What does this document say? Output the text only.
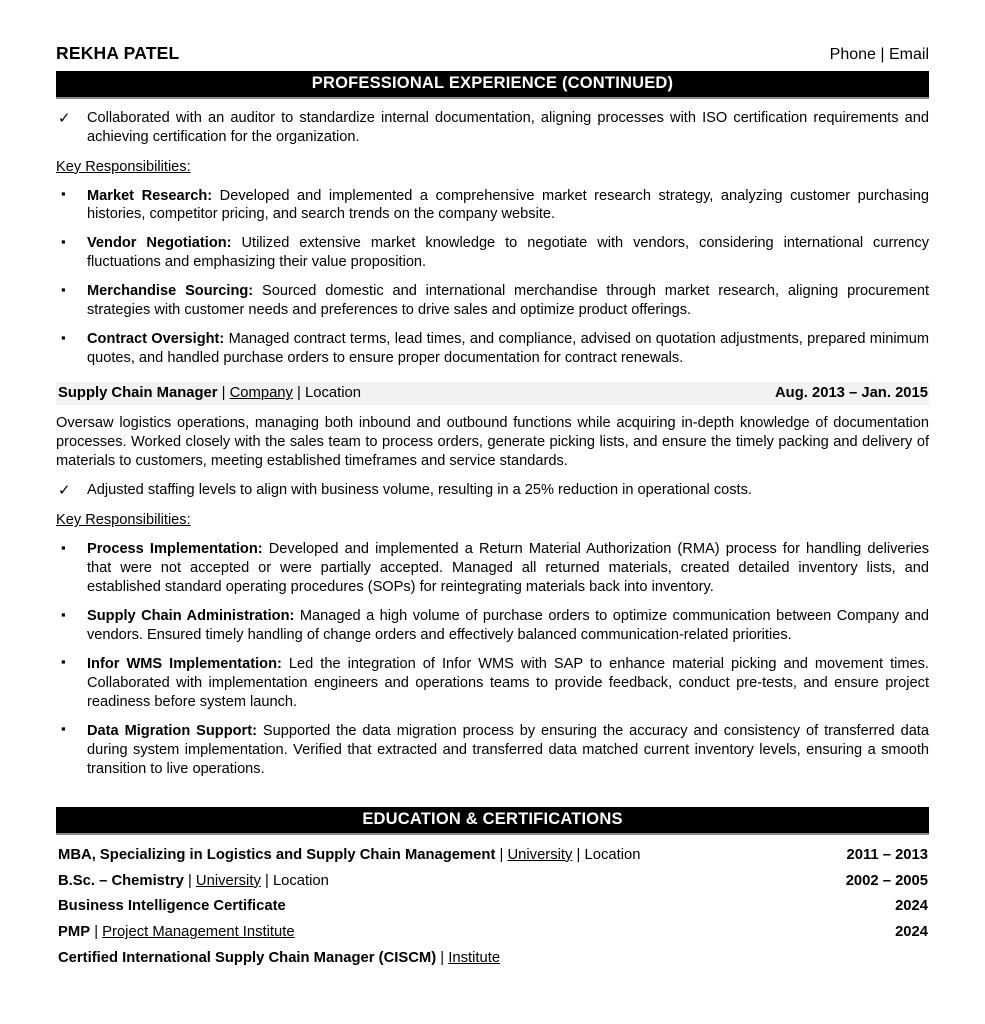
REKHA PATEL	Phone | Email
PROFESSIONAL EXPERIENCE (CONTINUED)
✓ Collaborated with an auditor to standardize internal documentation, aligning processes with ISO certification requirements and achieving certification for the organization.
Key Responsibilities:
▪ Market Research: Developed and implemented a comprehensive market research strategy, analyzing customer purchasing histories, competitor pricing, and search trends on the company website.
▪ Vendor Negotiation: Utilized extensive market knowledge to negotiate with vendors, considering international currency fluctuations and emphasizing their value proposition.
▪ Merchandise Sourcing: Sourced domestic and international merchandise through market research, aligning procurement strategies with customer needs and preferences to drive sales and optimize product offerings.
▪ Contract Oversight: Managed contract terms, lead times, and compliance, advised on quotation adjustments, prepared minimum quotes, and handled purchase orders to ensure proper documentation for contract renewals.
Supply Chain Manager | Company | Location	Aug. 2013 – Jan. 2015
Oversaw logistics operations, managing both inbound and outbound functions while acquiring in-depth knowledge of documentation processes. Worked closely with the sales team to process orders, generate picking lists, and ensure the timely packing and delivery of materials to customers, meeting established timeframes and service standards.
✓ Adjusted staffing levels to align with business volume, resulting in a 25% reduction in operational costs.
Key Responsibilities:
▪ Process Implementation: Developed and implemented a Return Material Authorization (RMA) process for handling deliveries that were not accepted or were partially accepted. Managed all returned materials, created detailed inventory lists, and established standard operating procedures (SOPs) for reintegrating materials back into inventory.
▪ Supply Chain Administration: Managed a high volume of purchase orders to optimize communication between Company and vendors. Ensured timely handling of change orders and effectively balanced communication-related priorities.
▪ Infor WMS Implementation: Led the integration of Infor WMS with SAP to enhance material picking and movement times. Collaborated with implementation engineers and operations teams to provide feedback, conduct pre-tests, and ensure project readiness before system launch.
▪ Data Migration Support: Supported the data migration process by ensuring the accuracy and consistency of transferred data during system implementation. Verified that extracted and transferred data matched current inventory levels, ensuring a smooth transition to live operations.
EDUCATION & CERTIFICATIONS
MBA, Specializing in Logistics and Supply Chain Management | University | Location	2011 – 2013
B.Sc. – Chemistry | University | Location	2002 – 2005
Business Intelligence Certificate	2024
PMP | Project Management Institute	2024
Certified International Supply Chain Manager (CISCM) | Institute
